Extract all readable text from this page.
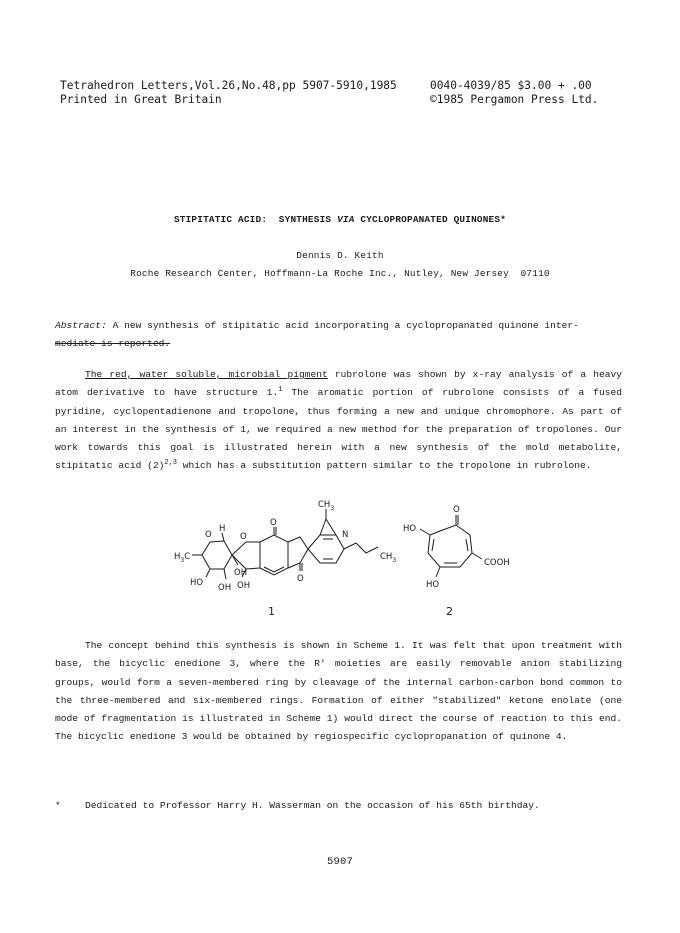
Tetrahedron Letters,Vol.26,No.48,pp 5907-5910,1985
Printed in Great Britain
0040-4039/85 $3.00 + .00
©1985 Pergamon Press Ltd.
STIPITATIC ACID:  SYNTHESIS VIA CYCLOPROPANATED QUINONES*
Dennis D. Keith
Roche Research Center, Hoffmann-La Roche Inc., Nutley, New Jersey  07110

Abstract: A new synthesis of stipitatic acid incorporating a cyclopropanated quinone inter-

mediate is reported.

The red, water soluble, microbial pigment rubrolone was shown by x-ray analysis of a heavy atom derivative to have structure 1.$^1$ The aromatic portion of rubrolone consists of a fused pyridine, cyclopentadienone and tropolone, thus forming a new and unique chromophore. As part of an interest in the synthesis of 1, we required a new method for the preparation of tropolones. Our work towards this goal is illustrated herein with a new synthesis of the mold metabolite, stipitatic acid $(2)^{2,3}$ which has a substitution pattern similar to the tropolone in rubrolone.

$CH_3$
N
$CH_3$
$H_3C$
O	O
O
O
H
HO
OH
OH OH
O
HO
COOH
HO
1	2

The concept behind this synthesis is shown in Scheme 1. It was felt that upon treatment with base, the bicyclic enedione 3, where the R' moieties are easily removable anion stabilizing groups, would form a seven-membered ring by cleavage of the internal carbon-carbon bond common to the three-membered and six-membered rings. Formation of either "stabilized" ketone enolate (one mode of fragmentation is illustrated in Scheme 1) would direct the course of reaction to this end. The bicyclic enedione 3 would be obtained by regiospecific cyclopropanation of quinone 4.

*	Dedicated to Professor Harry H. Wasserman on the occasion of his 65th birthday.

5907
